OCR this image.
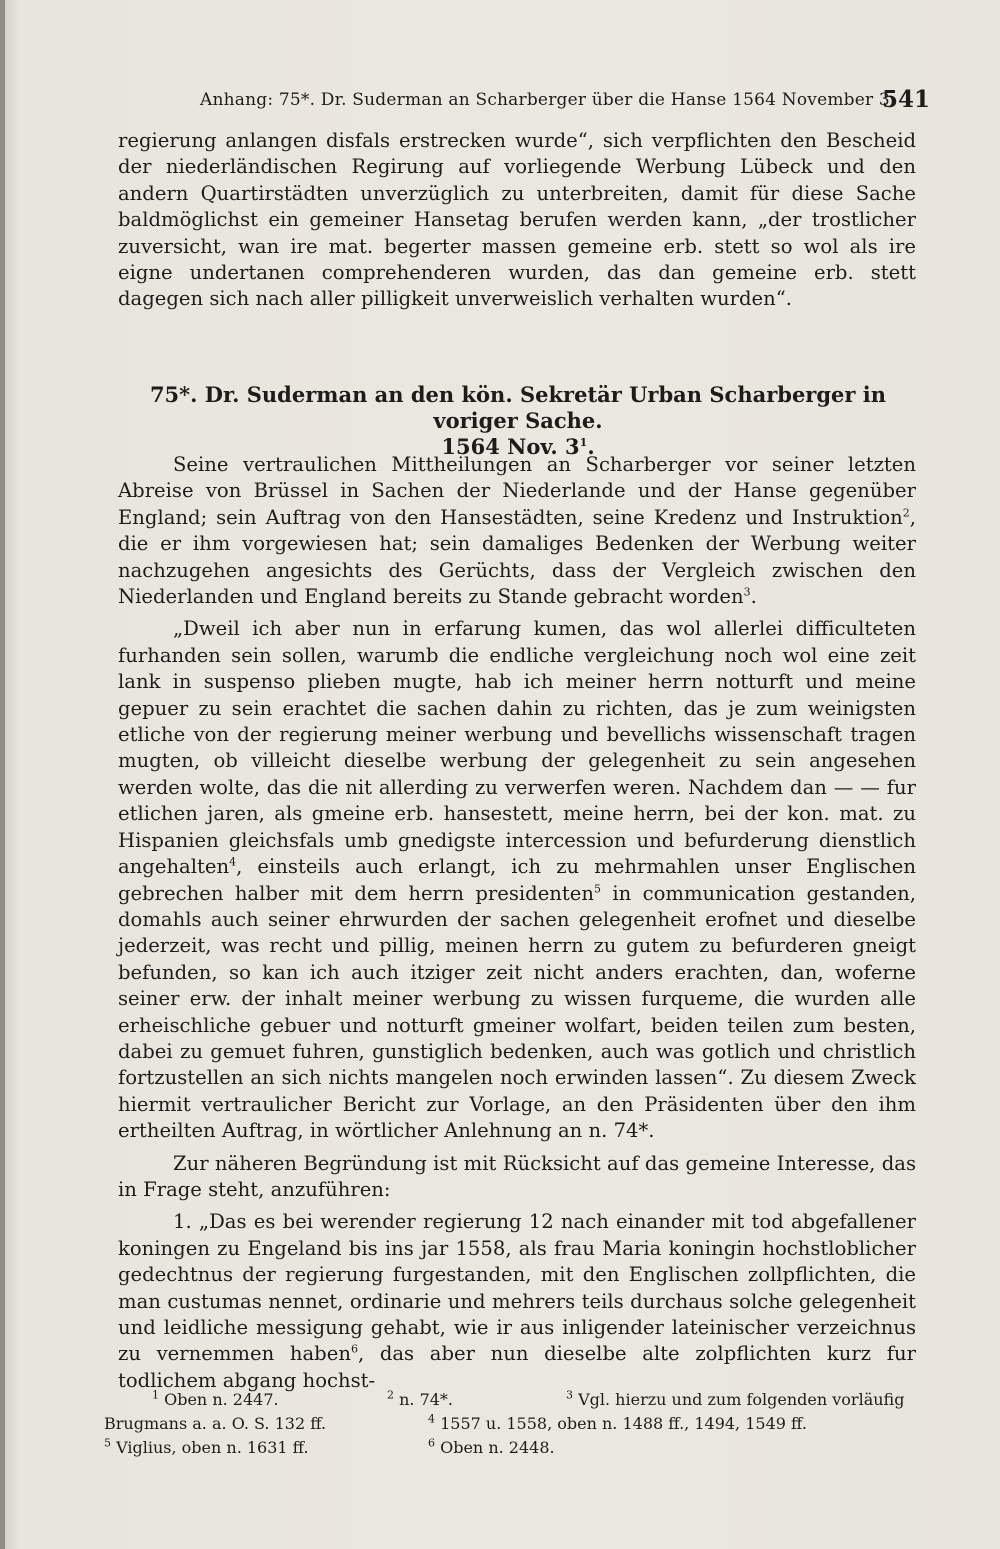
Anhang: 75*. Dr. Suderman an Scharberger über die Hanse 1564 November 3.
541

regierung anlangen disfals erstrecken wurde“, sich verpflichten den Bescheid der niederländischen Regirung auf vorliegende Werbung Lübeck und den andern Quartirstädten unverzüglich zu unterbreiten, damit für diese Sache baldmöglichst ein gemeiner Hansetag berufen werden kann, „der trostlicher zuversicht, wan ire mat. begerter massen gemeine erb. stett so wol als ire eigne undertanen comprehenderen wurden, das dan gemeine erb. stett dagegen sich nach aller pilligkeit unverweislich verhalten wurden“.

75*. Dr. Suderman an den kön. Sekretär Urban Scharberger in voriger Sache.
1564 Nov. $3^1$.

Seine vertraulichen Mittheilungen an Scharberger vor seiner letzten Abreise von Brüssel in Sachen der Niederlande und der Hanse gegenüber England; sein Auftrag von den Hansestädten, seine Kredenz und Instruktion$^2$, die er ihm vorgewiesen hat; sein damaliges Bedenken der Werbung weiter nachzugehen angesichts des Gerüchts, dass der Vergleich zwischen den Niederlanden und England bereits zu Stande gebracht worden$^3$.

„Dweil ich aber nun in erfarung kumen, das wol allerlei difficulteten furhanden sein sollen, warumb die endliche vergleichung noch wol eine zeit lank in suspenso plieben mugte, hab ich meiner herrn notturft und meine gepuer zu sein erachtet die sachen dahin zu richten, das je zum weinigsten etliche von der regierung meiner werbung und bevellichs wissenschaft tragen mugten, ob villeicht dieselbe werbung der gelegenheit zu sein angesehen werden wolte, das die nit allerding zu verwerfen weren. Nachdem dan — — fur etlichen jaren, als gmeine erb. hansestett, meine herrn, bei der kon. mat. zu Hispanien gleichsfals umb gnedigste intercession und befurderung dienstlich angehalten$^4$, einsteils auch erlangt, ich zu mehrmahlen unser Englischen gebrechen halber mit dem herrn presidenten$^5$ in communication gestanden, domahls auch seiner ehrwurden der sachen gelegenheit erofnet und dieselbe jederzeit, was recht und pillig, meinen herrn zu gutem zu befurderen gneigt befunden, so kan ich auch itziger zeit nicht anders erachten, dan, woferne seiner erw. der inhalt meiner werbung zu wissen furqueme, die wurden alle erheischliche gebuer und notturft gmeiner wolfart, beiden teilen zum besten, dabei zu gemuet fuhren, gunstiglich bedenken, auch was gotlich und christlich fortzustellen an sich nichts mangelen noch erwinden lassen“. Zu diesem Zweck hiermit vertraulicher Bericht zur Vorlage, an den Präsidenten über den ihm ertheilten Auftrag, in wörtlicher Anlehnung an n. 74*.

Zur näheren Begründung ist mit Rücksicht auf das gemeine Interesse, das in Frage steht, anzuführen:

1. „Das es bei werender regierung 12 nach einander mit tod abgefallener koningen zu Engeland bis ins jar 1558, als frau Maria koningin hochstloblicher gedechtnus der regierung furgestanden, mit den Englischen zollpflichten, die man custumas nennet, ordinarie und mehrers teils durchaus solche gelegenheit und leidliche messigung gehabt, wie ir aus inligender lateinischer verzeichnus zu vernemmen haben$^6$, das aber nun dieselbe alte zolpflichten kurz fur todlichem abgang hochst-

$^1$ Oben n. 2447.	$^2$ n. 74*.	$^3$ Vgl. hierzu und zum folgenden vorläufig
Brugmans a. a. O. S. 132 ff.	$^4$ 1557 u. 1558, oben n. 1488 ff., 1494, 1549 ff.
$^5$ Viglius, oben n. 1631 ff.	$^6$ Oben n. 2448.
